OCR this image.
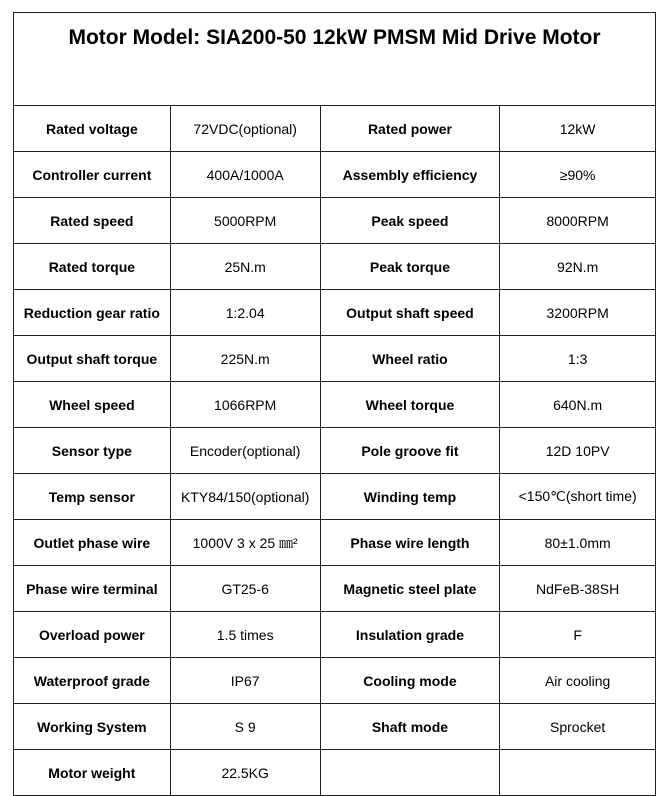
Motor Model: SIA200-50 12kW PMSM Mid Drive Motor			
Rated voltage	72VDC(optional)	Rated power	12kW
Controller current	400A/1000A	Assembly efficiency	≥90%
Rated speed	5000RPM	Peak speed	8000RPM
Rated torque	25N.m	Peak torque	92N.m
Reduction gear ratio	1:2.04	Output shaft speed	3200RPM
Output shaft torque	225N.m	Wheel ratio	1:3
Wheel speed	1066RPM	Wheel torque	640N.m
Sensor type	Encoder(optional)	Pole groove fit	12D 10PV
Temp sensor	KTY84/150(optional)	Winding temp	<150℃(short time)
Outlet phase wire	1000V 3 x 25 ㎜²	Phase wire length	80±1.0mm
Phase wire terminal	GT25-6	Magnetic steel plate	NdFeB-38SH
Overload power	1.5 times	Insulation grade	F
Waterproof grade	IP67	Cooling mode	Air cooling
Working System	S 9	Shaft mode	Sprocket
Motor weight	22.5KG		
